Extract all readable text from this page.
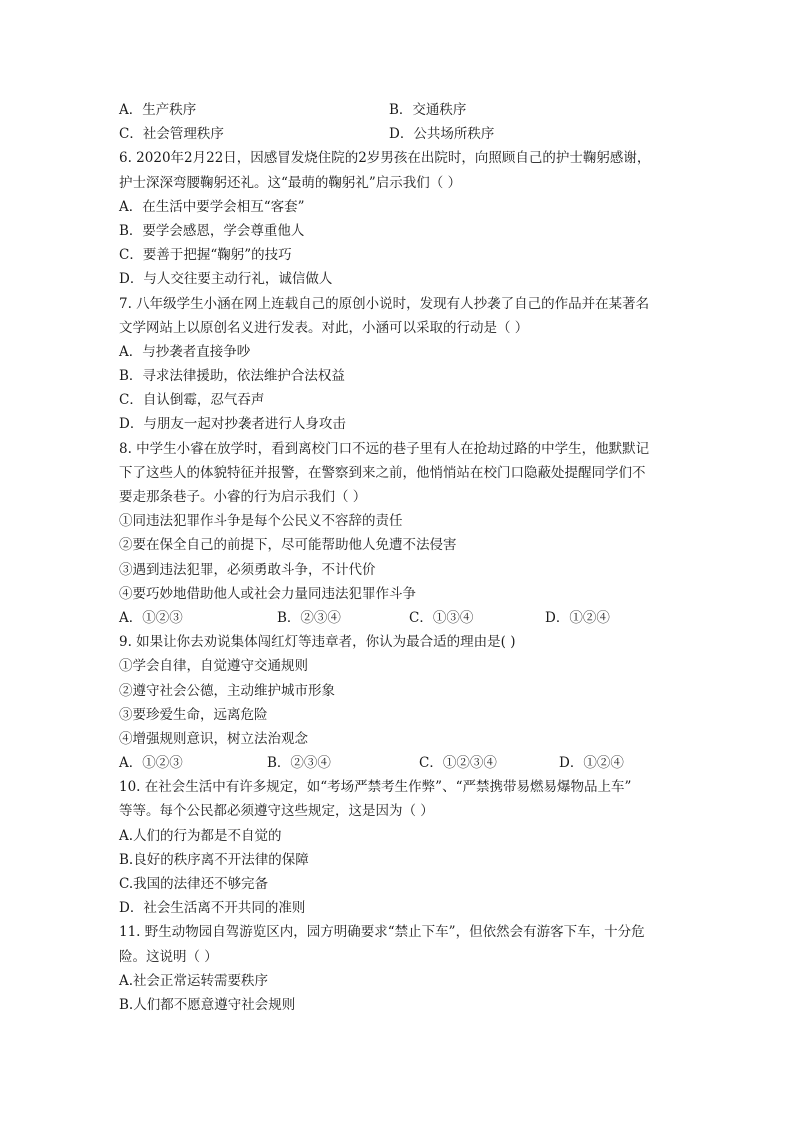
A．生产秩序	B．交通秩序
C．社会管理秩序	D．公共场所秩序
6. 2020年2月22日，因感冒发烧住院的2岁男孩在出院时，向照顾自己的护士鞠躬感谢，
护士深深弯腰鞠躬还礼。这“最萌的鞠躬礼”启示我们（ ）
A．在生活中要学会相互“客套”
B．要学会感恩，学会尊重他人
C．要善于把握“鞠躬”的技巧
D．与人交往要主动行礼，诚信做人
7. 八年级学生小涵在网上连载自己的原创小说时，发现有人抄袭了自己的作品并在某著名
文学网站上以原创名义进行发表。对此，小涵可以采取的行动是（ ）
A．与抄袭者直接争吵
B．寻求法律援助，依法维护合法权益
C．自认倒霉，忍气吞声
D．与朋友一起对抄袭者进行人身攻击
8. 中学生小睿在放学时，看到离校门口不远的巷子里有人在抢劫过路的中学生，他默默记
下了这些人的体貌特征并报警，在警察到来之前，他悄悄站在校门口隐蔽处提醒同学们不
要走那条巷子。小睿的行为启示我们（ ）
①同违法犯罪作斗争是每个公民义不容辞的责任
②要在保全自己的前提下，尽可能帮助他人免遭不法侵害
③遇到违法犯罪，必须勇敢斗争，不计代价
④要巧妙地借助他人或社会力量同违法犯罪作斗争
A．①②③	B．②③④	C．①③④	D．①②④
9. 如果让你去劝说集体闯红灯等违章者，你认为最合适的理由是( )
①学会自律，自觉遵守交通规则
②遵守社会公德，主动维护城市形象
③要珍爱生命，远离危险
④增强规则意识，树立法治观念
A．①②③	B．②③④	C．①②③④	D．①②④
10. 在社会生活中有许多规定，如“考场严禁考生作弊”、“严禁携带易燃易爆物品上车”
等等。每个公民都必须遵守这些规定，这是因为（ ）
A.人们的行为都是不自觉的
B.良好的秩序离不开法律的保障
C.我国的法律还不够完备
D．社会生活离不开共同的准则
11. 野生动物园自驾游览区内，园方明确要求“禁止下车”，但依然会有游客下车，十分危
险。这说明（ ）
A.社会正常运转需要秩序
B.人们都不愿意遵守社会规则
